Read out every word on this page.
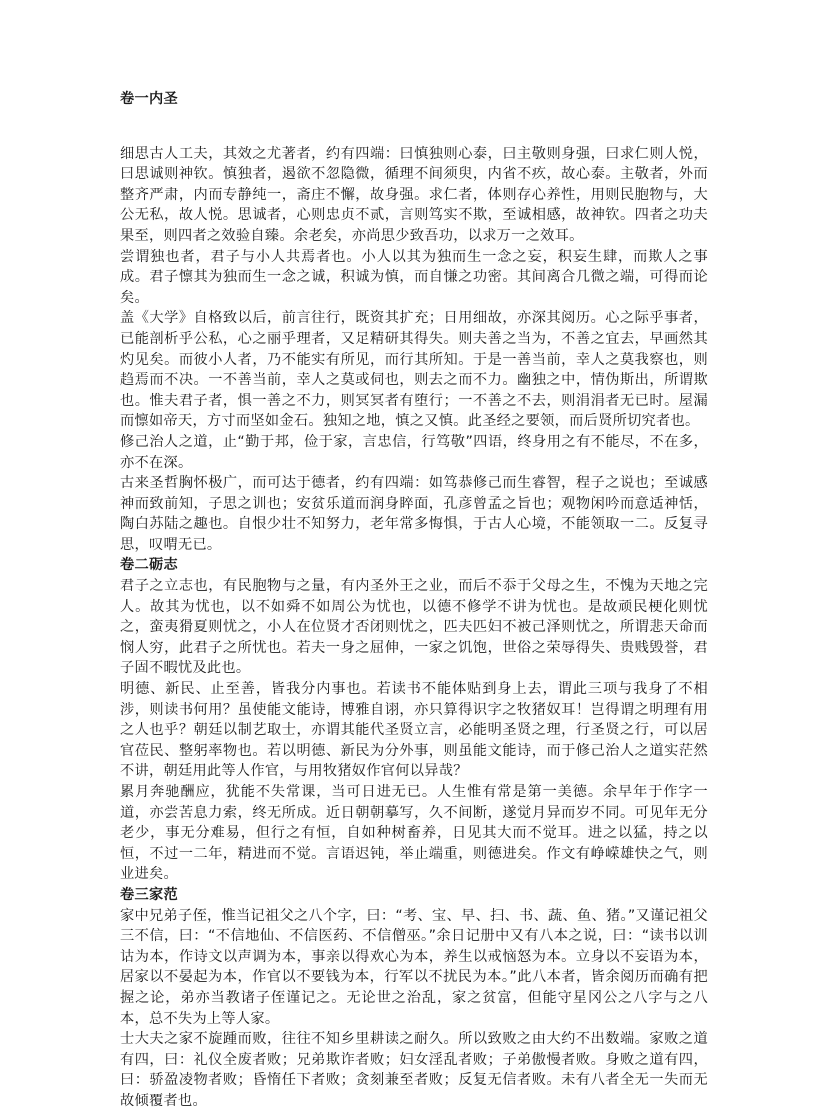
卷一内圣

细思古人工夫，其效之尤著者，约有四端：曰慎独则心泰，曰主敬则身强，曰求仁则人悦，曰思诚则神钦。慎独者，遏欲不忽隐微，循理不间须臾，内省不疚，故心泰。主敬者，外而整齐严肃，内而专静纯一，斋庄不懈，故身强。求仁者，体则存心养性，用则民胞物与，大公无私，故人悦。思诚者，心则忠贞不贰，言则笃实不欺，至诚相感，故神钦。四者之功夫果至，则四者之效验自臻。余老矣，亦尚思少致吾功，以求万一之效耳。

尝谓独也者，君子与小人共焉者也。小人以其为独而生一念之妄，积妄生肆，而欺人之事成。君子懔其为独而生一念之诚，积诚为慎，而自慊之功密。其间离合几微之端，可得而论矣。

盖《大学》自格致以后，前言往行，既资其扩充；日用细故，亦深其阅历。心之际乎事者，已能剖析乎公私，心之丽乎理者，又足精研其得失。则夫善之当为，不善之宜去，早画然其灼见矣。而彼小人者，乃不能实有所见，而行其所知。于是一善当前，幸人之莫我察也，则趋焉而不决。一不善当前，幸人之莫或伺也，则去之而不力。幽独之中，情伪斯出，所谓欺也。惟夫君子者，惧一善之不力，则冥冥者有堕行；一不善之不去，则涓涓者无已时。屋漏而懔如帝天，方寸而坚如金石。独知之地，慎之又慎。此圣经之要领，而后贤所切究者也。

修己治人之道，止“勤于邦，俭于家，言忠信，行笃敬”四语，终身用之有不能尽，不在多，亦不在深。

古来圣哲胸怀极广，而可达于德者，约有四端：如笃恭修己而生睿智，程子之说也；至诚感神而致前知，子思之训也；安贫乐道而润身睟面，孔彦曾孟之旨也；观物闲吟而意适神恬，陶白苏陆之趣也。自恨少壮不知努力，老年常多悔惧，于古人心境，不能领取一二。反复寻思，叹喟无已。

卷二砺志

君子之立志也，有民胞物与之量，有内圣外王之业，而后不忝于父母之生，不愧为天地之完人。故其为忧也，以不如舜不如周公为忧也，以德不修学不讲为忧也。是故顽民梗化则忧之，蛮夷猾夏则忧之，小人在位贤才否闭则忧之，匹夫匹妇不被己泽则忧之，所谓悲天命而悯人穷，此君子之所忧也。若夫一身之屈伸，一家之饥饱，世俗之荣辱得失、贵贱毁誉，君子固不暇忧及此也。

明德、新民、止至善，皆我分内事也。若读书不能体贴到身上去，谓此三项与我身了不相涉，则读书何用？虽使能文能诗，博雅自诩，亦只算得识字之牧猪奴耳！岂得谓之明理有用之人也乎？朝廷以制艺取士，亦谓其能代圣贤立言，必能明圣贤之理，行圣贤之行，可以居官莅民、整躬率物也。若以明德、新民为分外事，则虽能文能诗，而于修己治人之道实茫然不讲，朝廷用此等人作官，与用牧猪奴作官何以异哉？

累月奔驰酬应，犹能不失常课，当可日进无已。人生惟有常是第一美德。余早年于作字一道，亦尝苦息力索，终无所成。近日朝朝摹写，久不间断，遂觉月异而岁不同。可见年无分老少，事无分难易，但行之有恒，自如种树畜养，日见其大而不觉耳。进之以猛，持之以恒，不过一二年，精进而不觉。言语迟钝，举止端重，则德进矣。作文有峥嵘雄快之气，则业进矣。

卷三家范

家中兄弟子侄，惟当记祖父之八个字，曰：“考、宝、早、扫、书、蔬、鱼、猪。”又谨记祖父三不信，曰：“不信地仙、不信医药、不信僧巫。”余日记册中又有八本之说，曰：“读书以训诂为本，作诗文以声调为本，事亲以得欢心为本，养生以戒恼怒为本。立身以不妄语为本，居家以不晏起为本，作官以不要钱为本，行军以不扰民为本。”此八本者，皆余阅历而确有把握之论，弟亦当教诸子侄谨记之。无论世之治乱，家之贫富，但能守星冈公之八字与之八本，总不失为上等人家。

士大夫之家不旋踵而败，往往不知乡里耕读之耐久。所以致败之由大约不出数端。家败之道有四，曰：礼仪全废者败；兄弟欺诈者败；妇女淫乱者败；子弟傲慢者败。身败之道有四，曰：骄盈凌物者败；昏惰任下者败；贪刻兼至者败；反复无信者败。未有八者全无一失而无故倾覆者也。
